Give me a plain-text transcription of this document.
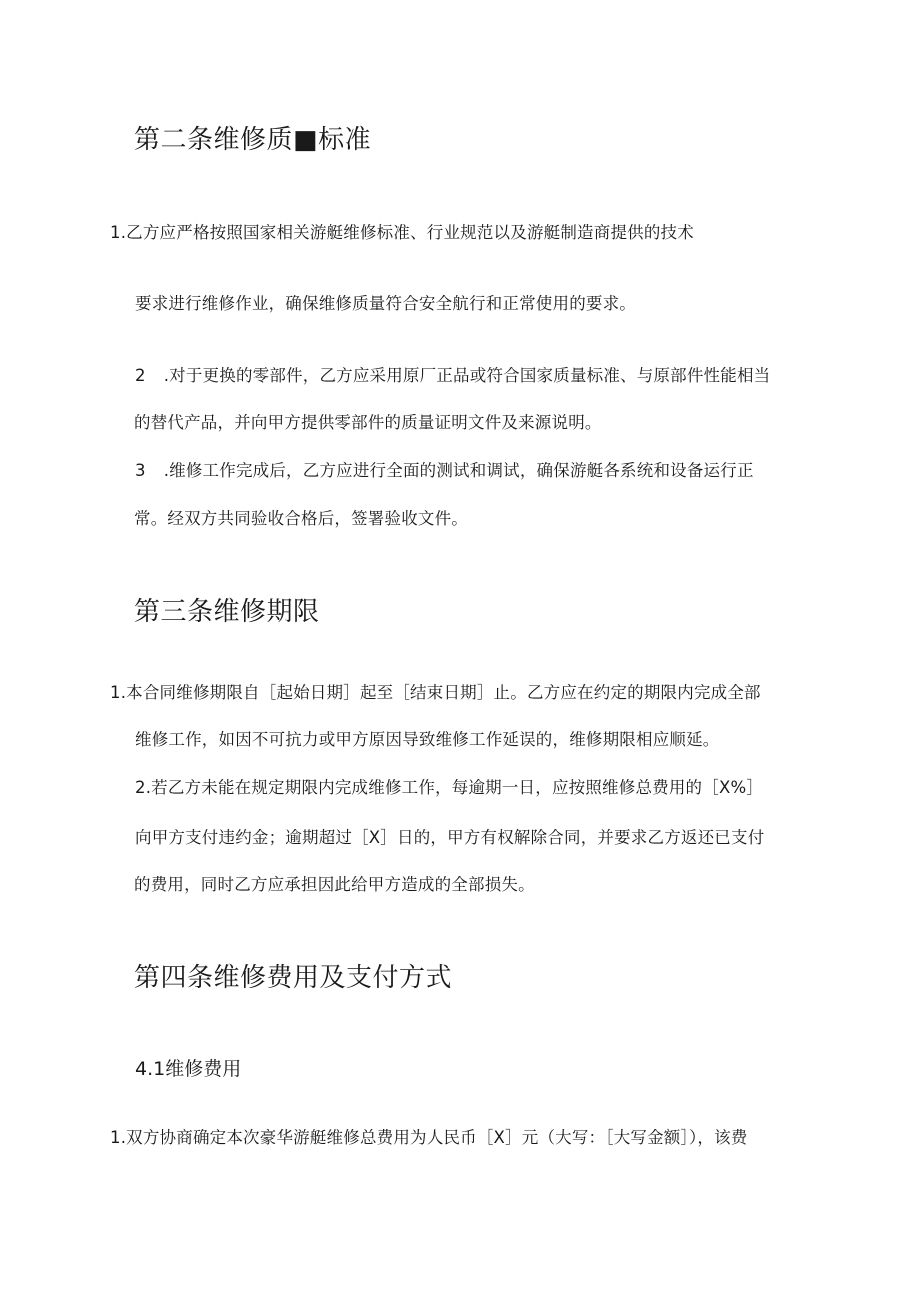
第二条维修质■标准
1.乙方应严格按照国家相关游艇维修标准、行业规范以及游艇制造商提供的技术
要求进行维修作业，确保维修质量符合安全航行和正常使用的要求。
2 .对于更换的零部件，乙方应采用原厂正品或符合国家质量标准、与原部件性能相当
的替代产品，并向甲方提供零部件的质量证明文件及来源说明。
3 .维修工作完成后，乙方应进行全面的测试和调试，确保游艇各系统和设备运行正
常。经双方共同验收合格后，签署验收文件。
第三条维修期限
1.本合同维修期限自［起始日期］起至［结束日期］止。乙方应在约定的期限内完成全部
维修工作，如因不可抗力或甲方原因导致维修工作延误的，维修期限相应顺延。
2.若乙方未能在规定期限内完成维修工作，每逾期一日，应按照维修总费用的［X%］
向甲方支付违约金；逾期超过［X］日的，甲方有权解除合同，并要求乙方返还已支付
的费用，同时乙方应承担因此给甲方造成的全部损失。
第四条维修费用及支付方式
4.1维修费用
1.双方协商确定本次豪华游艇维修总费用为人民币［X］元（大写：［大写金额］），该费
